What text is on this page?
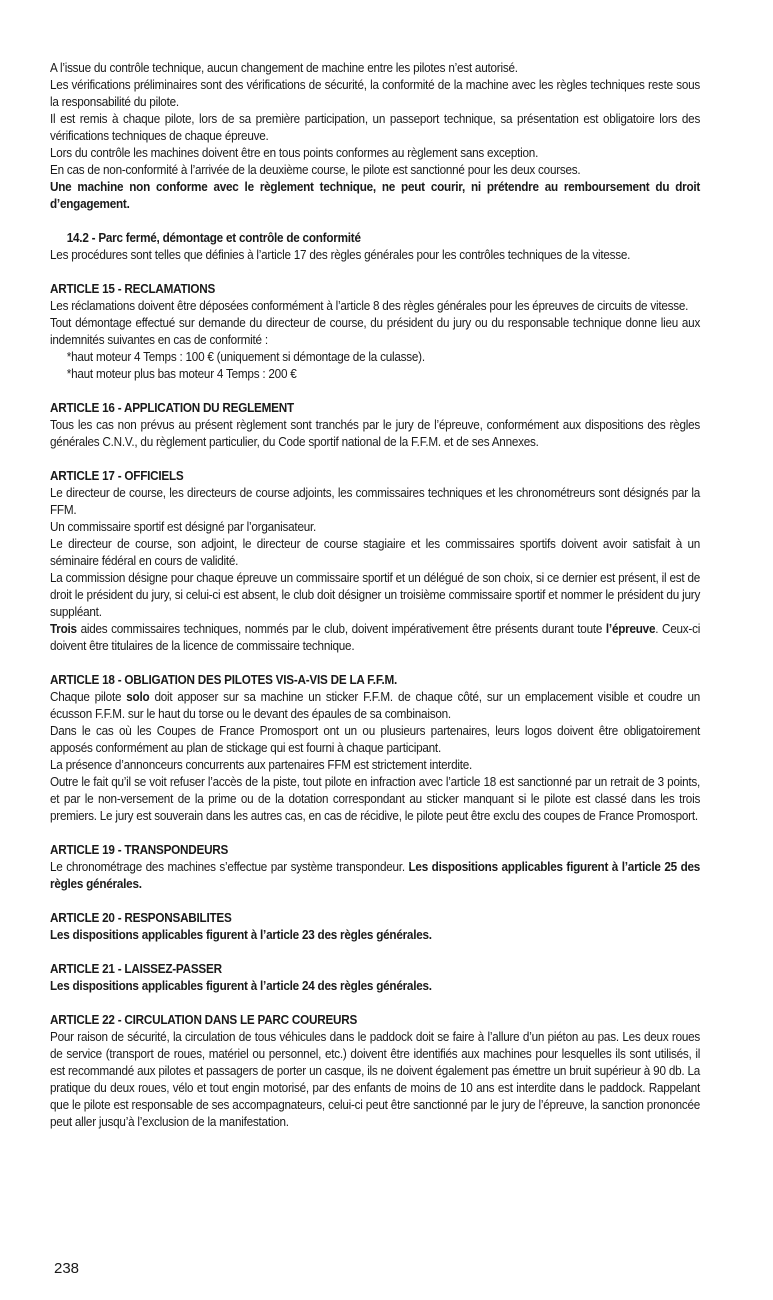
A l’issue du contrôle technique, aucun changement de machine entre les pilotes n’est autorisé.

Les vérifications préliminaires sont des vérifications de sécurité, la conformité de la machine avec les règles techniques reste sous la responsabilité du pilote.

Il est remis à chaque pilote, lors de sa première participation, un passeport technique, sa présentation est obligatoire lors des vérifications techniques de chaque épreuve.

Lors du contrôle les machines doivent être en tous points conformes au règlement sans exception.

En cas de non-conformité à l’arrivée de la deuxième course, le pilote est sanctionné pour les deux courses.

Une machine non conforme avec le règlement technique, ne peut courir, ni prétendre au remboursement du droit d’engagement.

14.2 - Parc fermé, démontage et contrôle de conformité

Les procédures sont telles que définies à l’article 17 des règles générales pour les contrôles techniques de la vitesse.

ARTICLE 15 - RECLAMATIONS

Les réclamations doivent être déposées conformément à l’article 8 des règles générales pour les épreuves de circuits de vitesse.

Tout démontage effectué sur demande du directeur de course, du président du jury ou du responsable technique donne lieu aux indemnités suivantes en cas de conformité :

*haut moteur 4 Temps : 100 € (uniquement si démontage de la culasse).

*haut moteur plus bas moteur 4 Temps : 200 €

ARTICLE 16 - APPLICATION DU REGLEMENT

Tous les cas non prévus au présent règlement sont tranchés par le jury de l’épreuve, conformément aux dispositions des règles générales C.N.V., du règlement particulier, du Code sportif national de la F.F.M. et de ses Annexes.

ARTICLE 17 - OFFICIELS

Le directeur de course, les directeurs de course adjoints, les commissaires techniques et les chronométreurs sont désignés par la FFM.

Un commissaire sportif est désigné par l’organisateur.

Le directeur de course, son adjoint, le directeur de course stagiaire et les commissaires sportifs doivent avoir satisfait à un séminaire fédéral en cours de validité.

La commission désigne pour chaque épreuve un commissaire sportif et un délégué de son choix, si ce dernier est présent, il est de droit le président du jury, si celui-ci est absent, le club doit désigner un troisième commissaire sportif et nommer le président du jury suppléant.

Trois aides commissaires techniques, nommés par le club, doivent impérativement être présents durant toute l’épreuve. Ceux-ci doivent être titulaires de la licence de commissaire technique.

ARTICLE 18 - OBLIGATION DES PILOTES VIS-A-VIS DE LA F.F.M.

Chaque pilote solo doit apposer sur sa machine un sticker F.F.M. de chaque côté, sur un emplacement visible et coudre un écusson F.F.M. sur le haut du torse ou le devant des épaules de sa combinaison.

Dans le cas où les Coupes de France Promosport ont un ou plusieurs partenaires, leurs logos doivent être obligatoirement apposés conformément au plan de stickage qui est fourni à chaque participant.

La présence d’annonceurs concurrents aux partenaires FFM est strictement interdite.

Outre le fait qu’il se voit refuser l’accès de la piste, tout pilote en infraction avec l’article 18 est sanctionné par un retrait de 3 points, et par le non-versement de la prime ou de la dotation correspondant au sticker manquant si le pilote est classé dans les trois premiers. Le jury est souverain dans les autres cas, en cas de récidive, le pilote peut être exclu des coupes de France Promosport.

ARTICLE 19 - TRANSPONDEURS

Le chronométrage des machines s’effectue par système transpondeur. Les dispositions applicables figurent à l’article 25 des règles générales.

ARTICLE 20 - RESPONSABILITES

Les dispositions applicables figurent à l’article 23 des règles générales.

ARTICLE 21 - LAISSEZ-PASSER

Les dispositions applicables figurent à l’article 24 des règles générales.

ARTICLE 22 - CIRCULATION DANS LE PARC COUREURS

Pour raison de sécurité, la circulation de tous véhicules dans le paddock doit se faire à l’allure d’un piéton au pas. Les deux roues de service (transport de roues, matériel ou personnel, etc.) doivent être identifiés aux machines pour lesquelles ils sont utilisés, il est recommandé aux pilotes et passagers de porter un casque, ils ne doivent également pas émettre un bruit supérieur à 90 db. La pratique du deux roues, vélo et tout engin motorisé, par des enfants de moins de 10 ans est interdite dans le paddock. Rappelant que le pilote est responsable de ses accompagnateurs, celui-ci peut être sanctionné par le jury de l’épreuve, la sanction prononcée peut aller jusqu’à l’exclusion de la manifestation.

238
